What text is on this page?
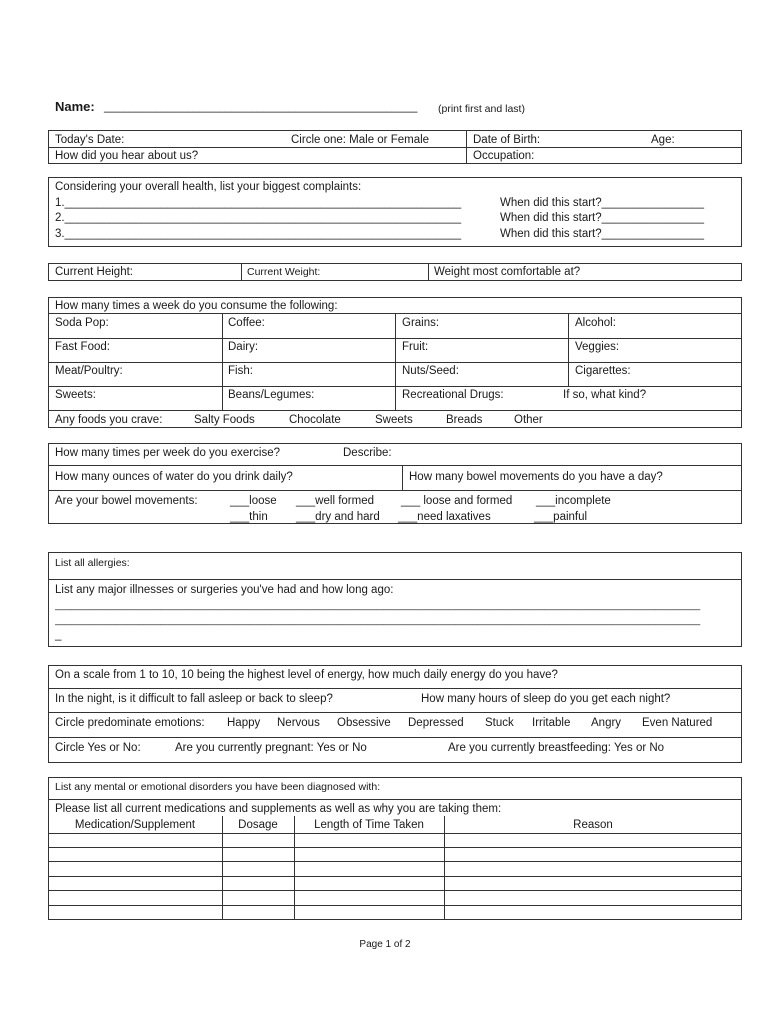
Name: _________________________________________________ (print first and last)
Today's Date:	Circle one: Male or Female	Date of Birth:	Age:
How did you hear about us?	Occupation:
Considering your overall health, list your biggest complaints:
1.______________________________________________________________
2.______________________________________________________________
3.______________________________________________________________
When did this start?________________
When did this start?________________
When did this start?________________
Current Height:	Current Weight:	Weight most comfortable at?
How many times a week do you consume the following:
Soda Pop:	Coffee:	Grains:	Alcohol:
Fast Food:	Dairy:	Fruit:	Veggies:
Meat/Poultry:	Fish:	Nuts/Seed:	Cigarettes:
Sweets:	Beans/Legumes:	Recreational Drugs:	If so, what kind?
Any foods you crave:	Salty Foods	Chocolate	Sweets	Breads	Other
How many times per week do you exercise?	Describe:
How many ounces of water do you drink daily?	How many bowel movements do you have a day?
Are your bowel movements:	___loose ___well formed ___ loose and formed ___incomplete
___thin ___dry and hard ___need laxatives	___painful
List all allergies:
List any major illnesses or surgeries you've had and how long ago:
____________________________________________________________________________________________________________________
____________________________________________________________________________________________________________________
_
On a scale from 1 to 10, 10 being the highest level of energy, how much daily energy do you have?
In the night, is it difficult to fall asleep or back to sleep?	How many hours of sleep do you get each night?
Circle predominate emotions: Happy Nervous Obsessive Depressed Stuck Irritable Angry Even Natured
Circle Yes or No:	Are you currently pregnant: Yes or No	Are you currently breastfeeding: Yes or No
List any mental or emotional disorders you have been diagnosed with:
Please list all current medications and supplements as well as why you are taking them:
Medication/Supplement	Dosage	Length of Time Taken	Reason
Page 1 of 2
